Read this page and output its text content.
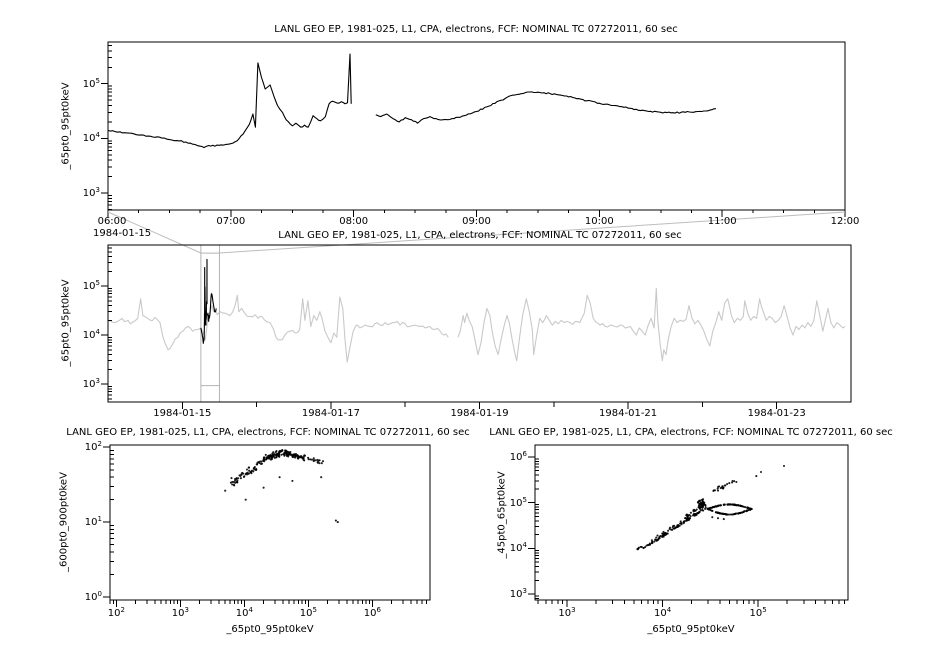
$10^3$
$10^4$
$10^5$
06:00	07:00	08:00	09:00	10:00	11:00	12:00
$10^3$
$10^4$
$10^5$
1984-01-15	1984-01-17	1984-01-19	1984-01-21	1984-01-23
$10^0$
$10^1$
$10^2$
$10^2$	$10^3$	$10^4$	$10^5$	$10^6$
$10^3$
$10^4$
$10^5$
$10^6$
$10^3$	$10^4$	$10^5$
LANL GEO EP, 1981-025, L1, CPA, electrons, FCF: NOMINAL TC 07272011, 60 sec
_65pt0_95pt0keV
1984-01-15	LANL GEO EP, 1981-025, L1, CPA, electrons, FCF: NOMINAL TC 07272011, 60 sec
_65pt0_95pt0keV
LANL GEO EP, 1981-025, L1, CPA, electrons, FCF: NOMINAL TC 07272011, 60 sec
_600pt0_900pt0keV
_65pt0_95pt0keV
LANL GEO EP, 1981-025, L1, CPA, electrons, FCF: NOMINAL TC 07272011, 60 sec
_45pt0_65pt0keV
_65pt0_95pt0keV
